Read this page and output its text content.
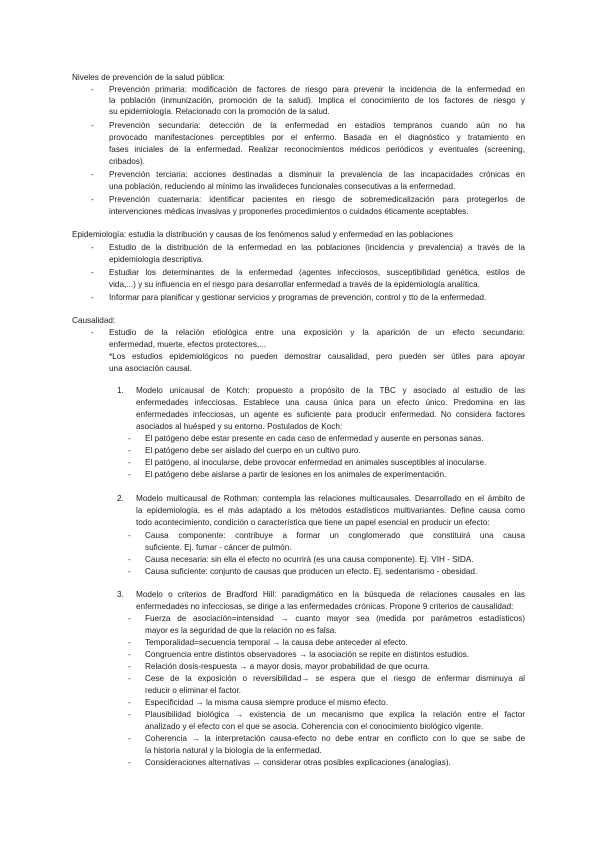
Niveles de prevención de la salud pública:
- Prevención primaria: modificación de factores de riesgo para prevenir la incidencia de la enfermedad en
la población (inmunización, promoción de la salud). Implica el conocimiento de los factores de riesgo y
su epidemiología. Relacionado con la promoción de la salud.
- Prevención secundaria: detección de la enfermedad en estadios tempranos cuando aún no ha
provocado manifestaciones perceptibles por el enfermo. Basada en el diagnóstico y tratamiento en
fases iniciales de la enfermedad. Realizar reconocimientos médicos periódicos y eventuales (screening,
cribados).
- Prevención terciaria: acciones destinadas a disminuir la prevalencia de las incapacidades crónicas en
una población, reduciendo al mínimo las invalideces funcionales consecutivas a la enfermedad.
- Prevención cuaternaria: identificar pacientes en riesgo de sobremedicalización para protegerlos de
intervenciones médicas invasivas y proponerles procedimientos o cuidados éticamente aceptables.
Epidemiología: estudia la distribución y causas de los fenómenos salud y enfermedad en las poblaciones
- Estudio de la distribución de la enfermedad en las poblaciones (incidencia y prevalencia) a través de la
epidemiología descriptiva.
- Estudiar los determinantes de la enfermedad (agentes infecciosos, susceptibilidad genética, estilos de
vida,...) y su influencia en el riesgo para desarrollar enfermedad a través de la epidemiología analítica.
- Informar para planificar y gestionar servicios y programas de prevención, control y tto de la enfermedad.
Causalidad:
- Estudio de la relación etiológica entre una exposición y la aparición de un efecto secundario:
enfermedad, muerte, efectos protectores,...
*Los estudios epidemiológicos no pueden demostrar causalidad, pero pueden ser útiles para apoyar
una asociación causal.
1. Modelo unicausal de Kotch: propuesto a propósito de la TBC y asociado al estudio de las
enfermedades infecciosas. Establece una causa única para un efecto único. Predomina en las
enfermedades infecciosas, un agente es suficiente para producir enfermedad. No considera factores
asociados al huésped y su entorno. Postulados de Koch:
- El patógeno debe estar presente en cada caso de enfermedad y ausente en personas sanas.
- El patógeno debe ser aislado del cuerpo en un cultivo puro.
- El patógeno, al inocularse, debe provocar enfermedad en animales susceptibles al inocularse.
- El patógeno debe aislarse a partir de lesiones en los animales de experimentación.
2. Modelo multicausal de Rothman: contempla las relaciones multicausales. Desarrollado en el ámbito de
la epidemiología, es el más adaptado a los métodos estadísticos multivariantes. Define causa como
todo acontecimiento, condición o característica que tiene un papel esencial en producir un efecto:
- Causa componente: contribuye a formar un conglomerado que constituirá una causa
suficiente. Ej. fumar - cáncer de pulmón.
- Causa necesaria: sin ella el efecto no ocurrirá (es una causa componente). Ej. VIH - SIDA.
- Causa suficiente: conjunto de causas que producen un efecto. Ej. sedentarismo - obesidad.
3. Modelo o criterios de Bradford Hill: paradigmático en la búsqueda de relaciones causales en las
enfermedades no infecciosas, se dirige a las enfermedades crónicas. Propone 9 criterios de causalidad:
- Fuerza de asociación=intensidad → cuanto mayor sea (medida por parámetros estadísticos)
mayor es la seguridad de que la relación no es falsa.
- Temporalidad=secuencia temporal → la causa debe anteceder al efecto.
- Congruencia entre distintos observadores → la asociación se repite en distintos estudios.
- Relación dosis-respuesta → a mayor dosis, mayor probabilidad de que ocurra.
- Cese de la exposición o reversibilidad→ se espera que el riesgo de enfermar disminuya al
reducir o eliminar el factor.
- Especificidad → la misma causa siempre produce el mismo efecto.
- Plausibilidad biológica → existencia de un mecanismo que explica la relación entre el factor
analizado y el efecto con el que se asocia. Coherencia con el conocimiento biológico vigente.
- Coherencia → la interpretación causa-efecto no debe entrar en conflicto con lo que se sabe de
la historia natural y la biología de la enfermedad.
- Consideraciones alternativas → considerar otras posibles explicaciones (analogías).
